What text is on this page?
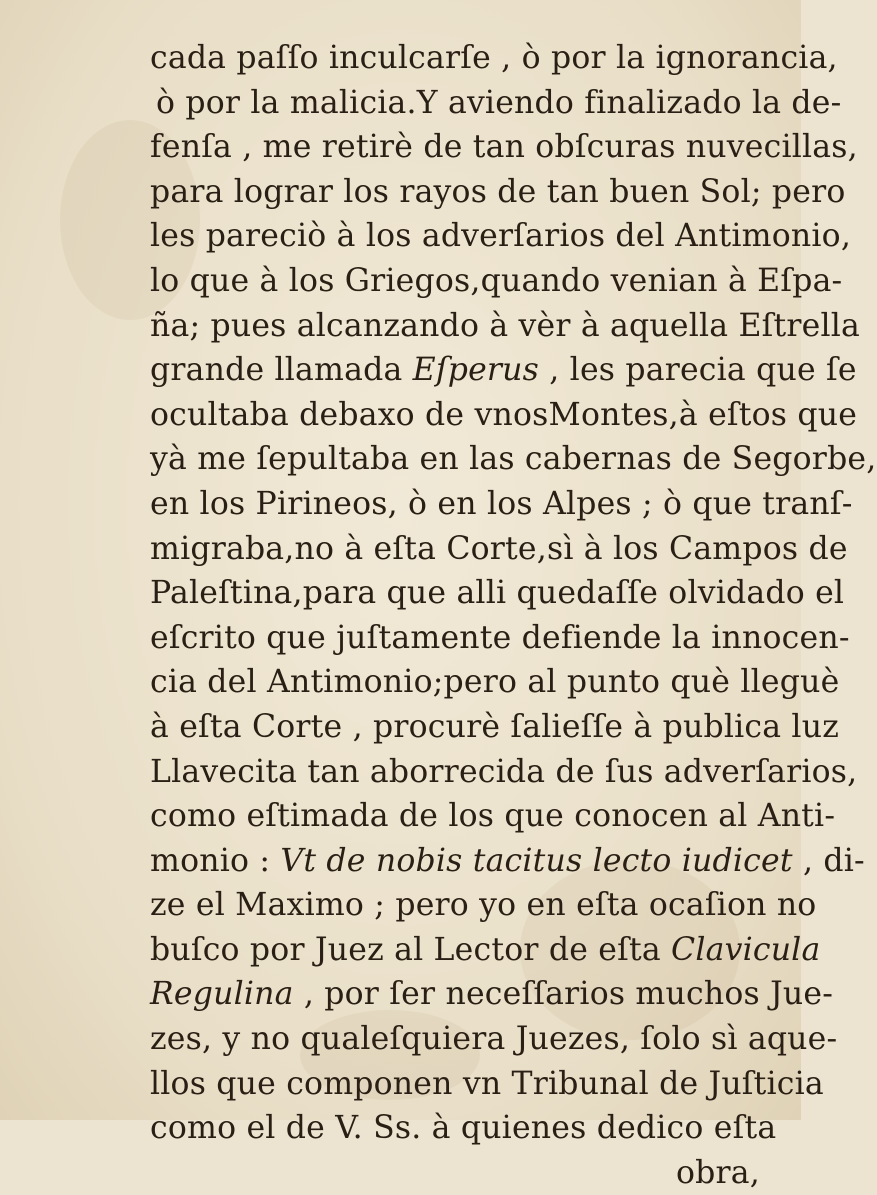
cada paſſo inculcarſe , ò por la ignorancia,
ò por la malicia.Y aviendo finalizado la de-
fenſa , me retirè de tan obſcuras nuvecillas,
para lograr los rayos de tan buen Sol; pero
les pareciò à los adverſarios del Antimonio,
lo que à los Griegos,quando venian à Eſpa-
ña; pues alcanzando à vèr à aquella Eſtrella
grande llamada Eſperus , les parecia que ſe
ocultaba debaxo de vnosMontes,à eſtos que
yà me ſepultaba en las cabernas de Segorbe,
en los Pirineos, ò en los Alpes ; ò que tranſ-
migraba,no à eſta Corte,sì à los Campos de
Paleſtina,para que alli quedaſſe olvidado el
eſcrito que juſtamente defiende la innocen-
cia del Antimonio;pero al punto què lleguè
à eſta Corte , procurè ſalieſſe à publica luz
Llavecita tan aborrecida de ſus adverſarios,
como eſtimada de los que conocen al Anti-
monio : Vt de nobis tacitus lecto iudicet , di-
ze el Maximo ; pero yo en eſta ocaſion no
buſco por Juez al Lector de eſta Clavicula
Regulina , por ſer neceſſarios muchos Jue-
zes, y no qualeſquiera Juezes, ſolo sì aque-
llos que componen vn Tribunal de Juſticia
como el de V. Ss. à quienes dedico eſta
obra,
